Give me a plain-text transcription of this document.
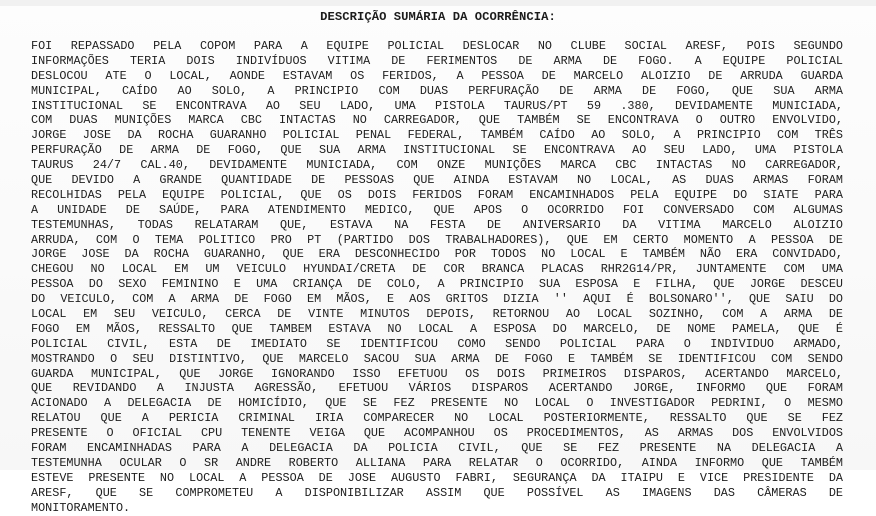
DESCRIÇÃO SUMÁRIA DA OCORRÊNCIA:
FOI REPASSADO PELA COPOM PARA A EQUIPE POLICIAL DESLOCAR NO CLUBE SOCIAL ARESF, POIS SEGUNDO
INFORMAÇÕES TERIA DOIS INDIVÍDUOS VITIMA DE FERIMENTOS DE ARMA DE FOGO. A EQUIPE POLICIAL
DESLOCOU ATE O LOCAL, AONDE ESTAVAM OS FERIDOS, A PESSOA DE MARCELO ALOIZIO DE ARRUDA GUARDA
MUNICIPAL, CAÍDO AO SOLO, A PRINCIPIO COM DUAS PERFURAÇÃO DE ARMA DE FOGO, QUE SUA ARMA
INSTITUCIONAL SE ENCONTRAVA AO SEU LADO, UMA PISTOLA TAURUS/PT 59 .380, DEVIDAMENTE MUNICIADA,
COM DUAS MUNIÇÕES MARCA CBC INTACTAS NO CARREGADOR, QUE TAMBÉM SE ENCONTRAVA O OUTRO ENVOLVIDO,
JORGE JOSE DA ROCHA GUARANHO POLICIAL PENAL FEDERAL, TAMBÉM CAÍDO AO SOLO, A PRINCIPIO COM TRÊS
PERFURAÇÃO DE ARMA DE FOGO, QUE SUA ARMA INSTITUCIONAL SE ENCONTRAVA AO SEU LADO, UMA PISTOLA
TAURUS 24/7 CAL.40, DEVIDAMENTE MUNICIADA, COM ONZE MUNIÇÕES MARCA CBC INTACTAS NO CARREGADOR,
QUE DEVIDO A GRANDE QUANTIDADE DE PESSOAS QUE AINDA ESTAVAM NO LOCAL, AS DUAS ARMAS FORAM
RECOLHIDAS PELA EQUIPE POLICIAL, QUE OS DOIS FERIDOS FORAM ENCAMINHADOS PELA EQUIPE DO SIATE PARA
A UNIDADE DE SAÚDE, PARA ATENDIMENTO MEDICO, QUE APOS O OCORRIDO FOI CONVERSADO COM ALGUMAS
TESTEMUNHAS, TODAS RELATARAM QUE, ESTAVA NA FESTA DE ANIVERSARIO DA VITIMA MARCELO ALOIZIO
ARRUDA, COM O TEMA POLITICO PRO PT (PARTIDO DOS TRABALHADORES), QUE EM CERTO MOMENTO A PESSOA DE
JORGE JOSE DA ROCHA GUARANHO, QUE ERA DESCONHECIDO POR TODOS NO LOCAL E TAMBÉM NÃO ERA CONVIDADO,
CHEGOU NO LOCAL EM UM VEICULO HYUNDAI/CRETA DE COR BRANCA PLACAS RHR2G14/PR, JUNTAMENTE COM UMA
PESSOA DO SEXO FEMININO E UMA CRIANÇA DE COLO, A PRINCIPIO SUA ESPOSA E FILHA, QUE JORGE DESCEU
DO VEICULO, COM A ARMA DE FOGO EM MÃOS, E AOS GRITOS DIZIA '' AQUI É BOLSONARO'', QUE SAIU DO
LOCAL EM SEU VEICULO, CERCA DE VINTE MINUTOS DEPOIS, RETORNOU AO LOCAL SOZINHO, COM A ARMA DE
FOGO EM MÃOS, RESSALTO QUE TAMBEM ESTAVA NO LOCAL A ESPOSA DO MARCELO, DE NOME PAMELA, QUE É
POLICIAL CIVIL, ESTA DE IMEDIATO SE IDENTIFICOU COMO SENDO POLICIAL PARA O INDIVIDUO ARMADO,
MOSTRANDO O SEU DISTINTIVO, QUE MARCELO SACOU SUA ARMA DE FOGO E TAMBÉM SE IDENTIFICOU COM SENDO
GUARDA MUNICIPAL, QUE JORGE IGNORANDO ISSO EFETUOU OS DOIS PRIMEIROS DISPAROS, ACERTANDO MARCELO,
QUE REVIDANDO A INJUSTA AGRESSÃO, EFETUOU VÁRIOS DISPAROS ACERTANDO JORGE, INFORMO QUE FORAM
ACIONADO A DELEGACIA DE HOMICÍDIO, QUE SE FEZ PRESENTE NO LOCAL O INVESTIGADOR PEDRINI, O MESMO
RELATOU QUE A PERICIA CRIMINAL IRIA COMPARECER NO LOCAL POSTERIORMENTE, RESSALTO QUE SE FEZ
PRESENTE O OFICIAL CPU TENENTE VEIGA QUE ACOMPANHOU OS PROCEDIMENTOS, AS ARMAS DOS ENVOLVIDOS
FORAM ENCAMINHADAS PARA A DELEGACIA DA POLICIA CIVIL, QUE SE FEZ PRESENTE NA DELEGACIA A
TESTEMUNHA OCULAR O SR ANDRE ROBERTO ALLIANA PARA RELATAR O OCORRIDO, AINDA INFORMO QUE TAMBÉM
ESTEVE PRESENTE NO LOCAL A PESSOA DE JOSE AUGUSTO FABRI, SEGURANÇA DA ITAIPU E VICE PRESIDENTE DA
ARESF, QUE SE COMPROMETEU A DISPONIBILIZAR ASSIM QUE POSSÍVEL AS IMAGENS DAS CÂMERAS DE
MONITORAMENTO.
